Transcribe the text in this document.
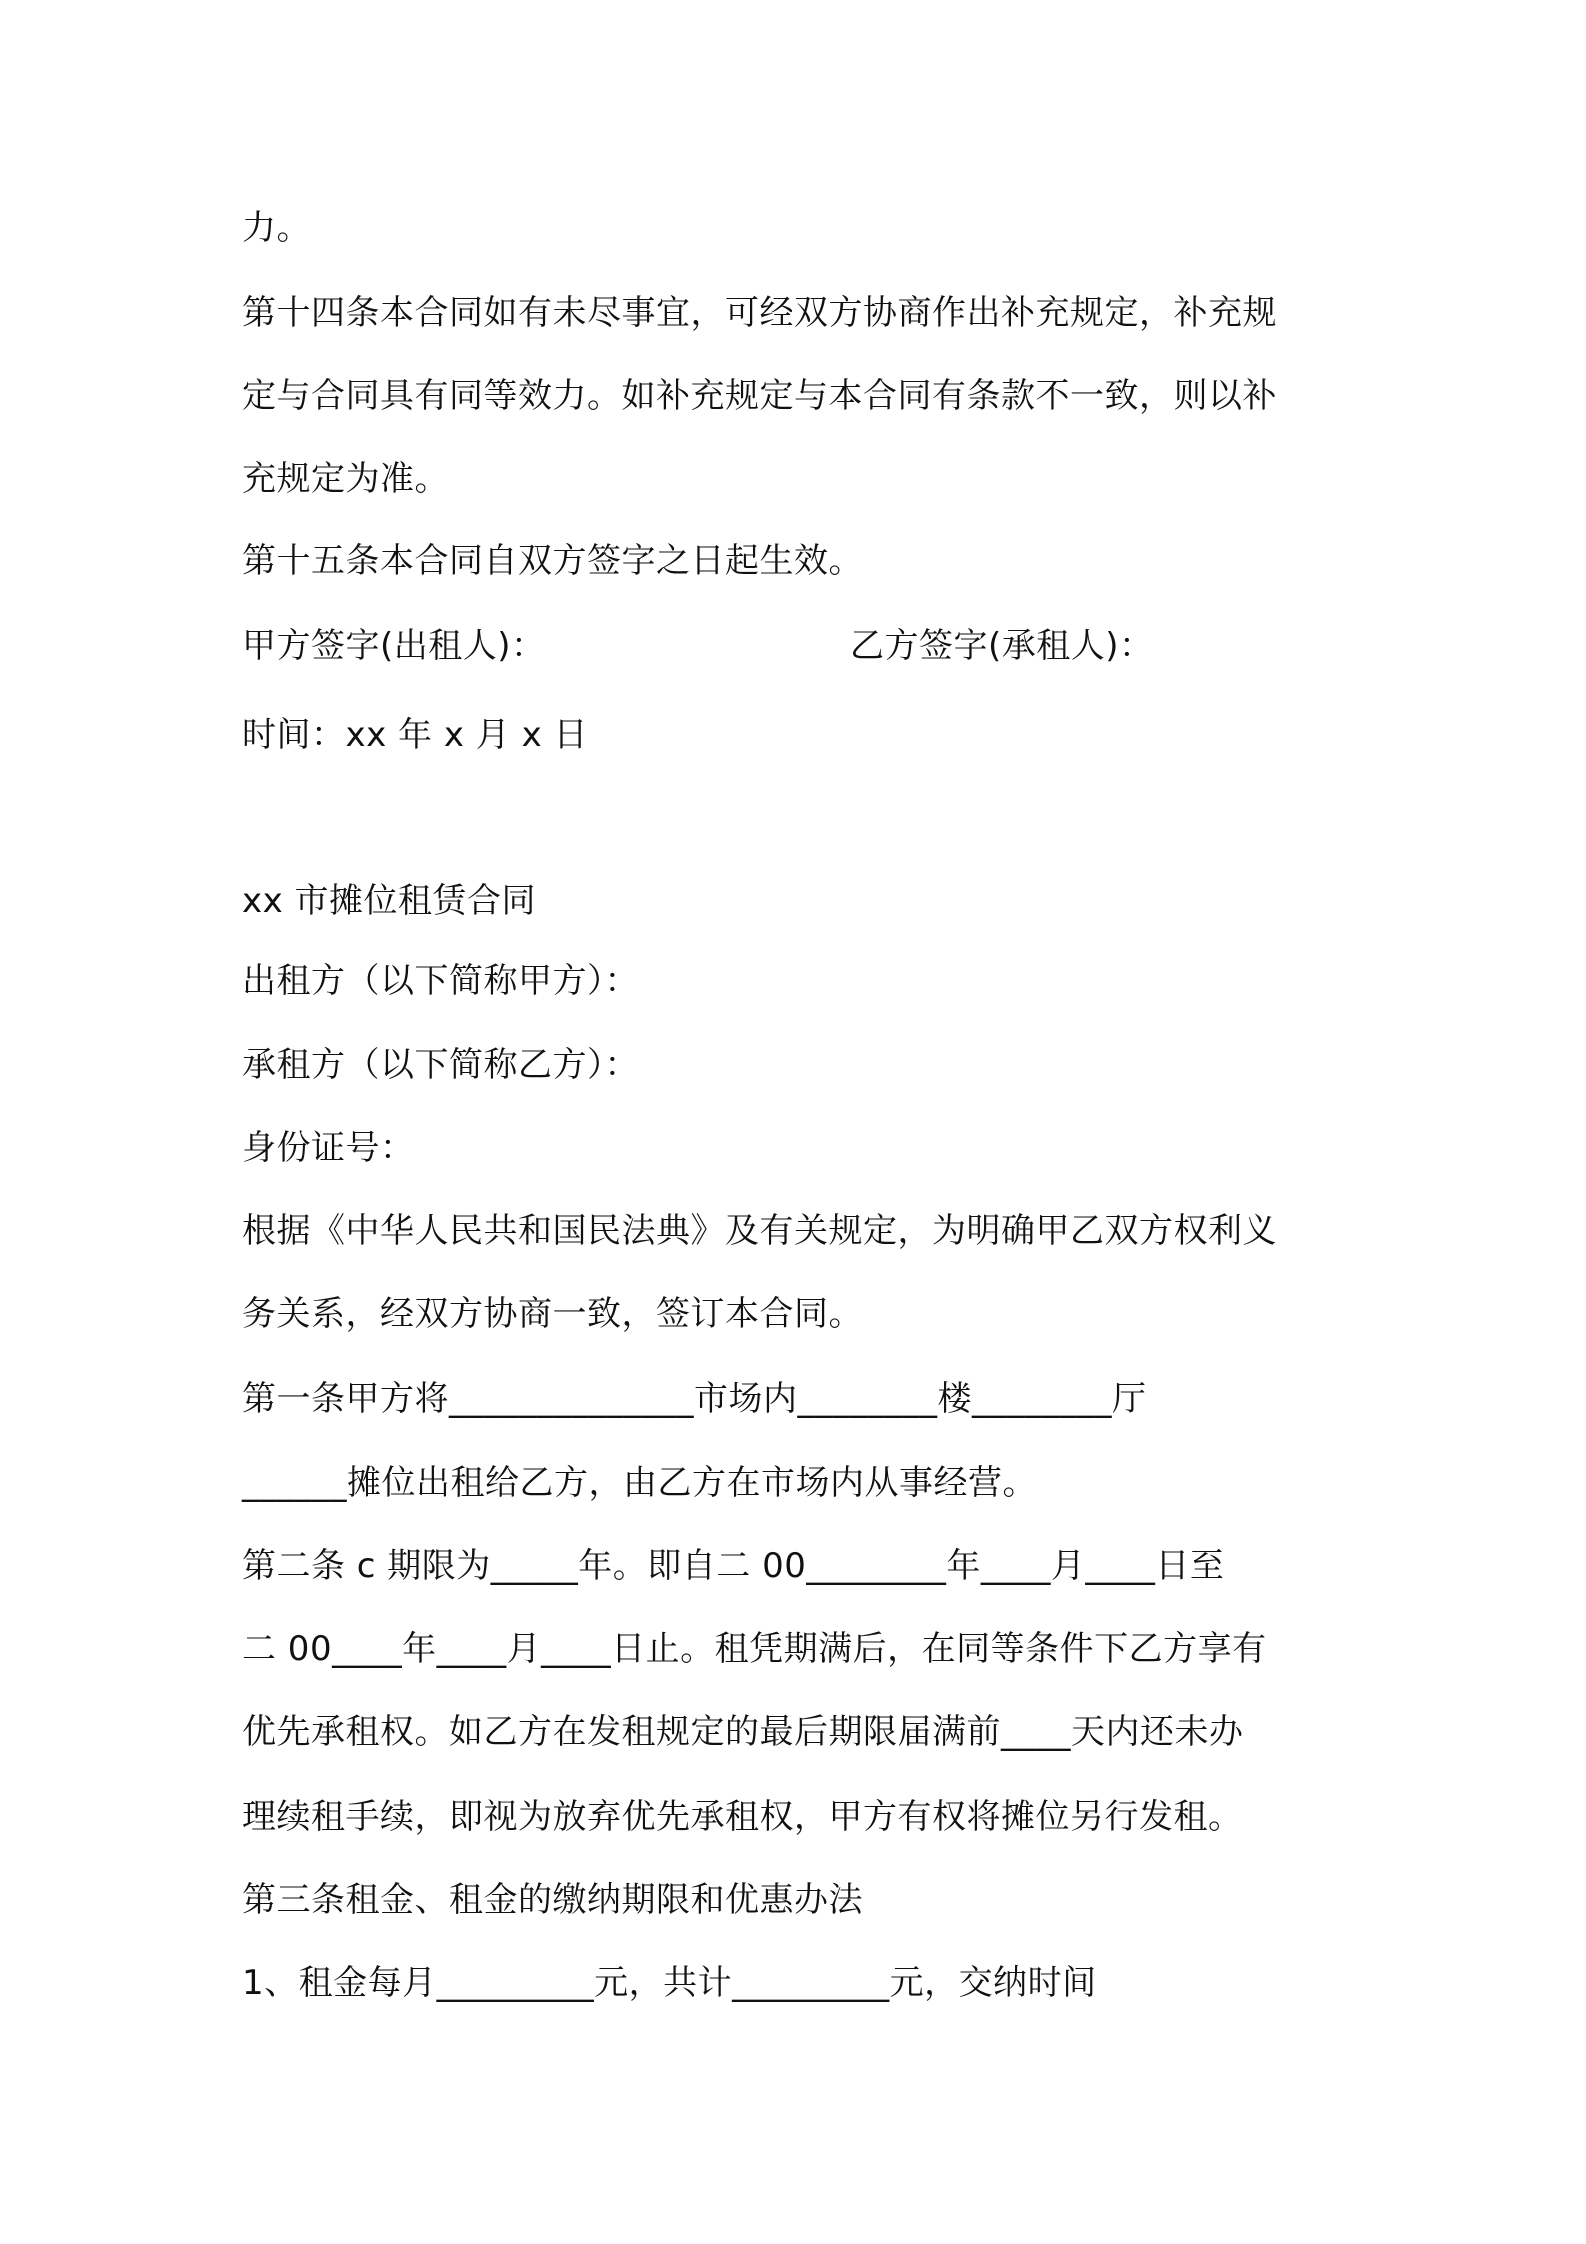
力。
第十四条本合同如有未尽事宜，可经双方协商作出补充规定，补充规
定与合同具有同等效力。如补充规定与本合同有条款不一致，则以补
充规定为准。
第十五条本合同自双方签字之日起生效。
甲方签字(出租人)：	乙方签字(承租人)：
时间：xx 年 x 月 x 日
xx 市摊位租赁合同
出租方（以下简称甲方）：
承租方（以下简称乙方）：
身份证号：
根据《中华人民共和国民法典》及有关规定，为明确甲乙双方权利义
务关系，经双方协商一致，签订本合同。
第一条甲方将______________市场内________楼________厅
______摊位出租给乙方，由乙方在市场内从事经营。
第二条 c 期限为_____年。即自二 00________年____月____日至
二 00____年____月____日止。租凭期满后，在同等条件下乙方享有
优先承租权。如乙方在发租规定的最后期限届满前____天内还未办
理续租手续，即视为放弃优先承租权，甲方有权将摊位另行发租。
第三条租金、租金的缴纳期限和优惠办法
1、租金每月_________元，共计_________元，交纳时间
